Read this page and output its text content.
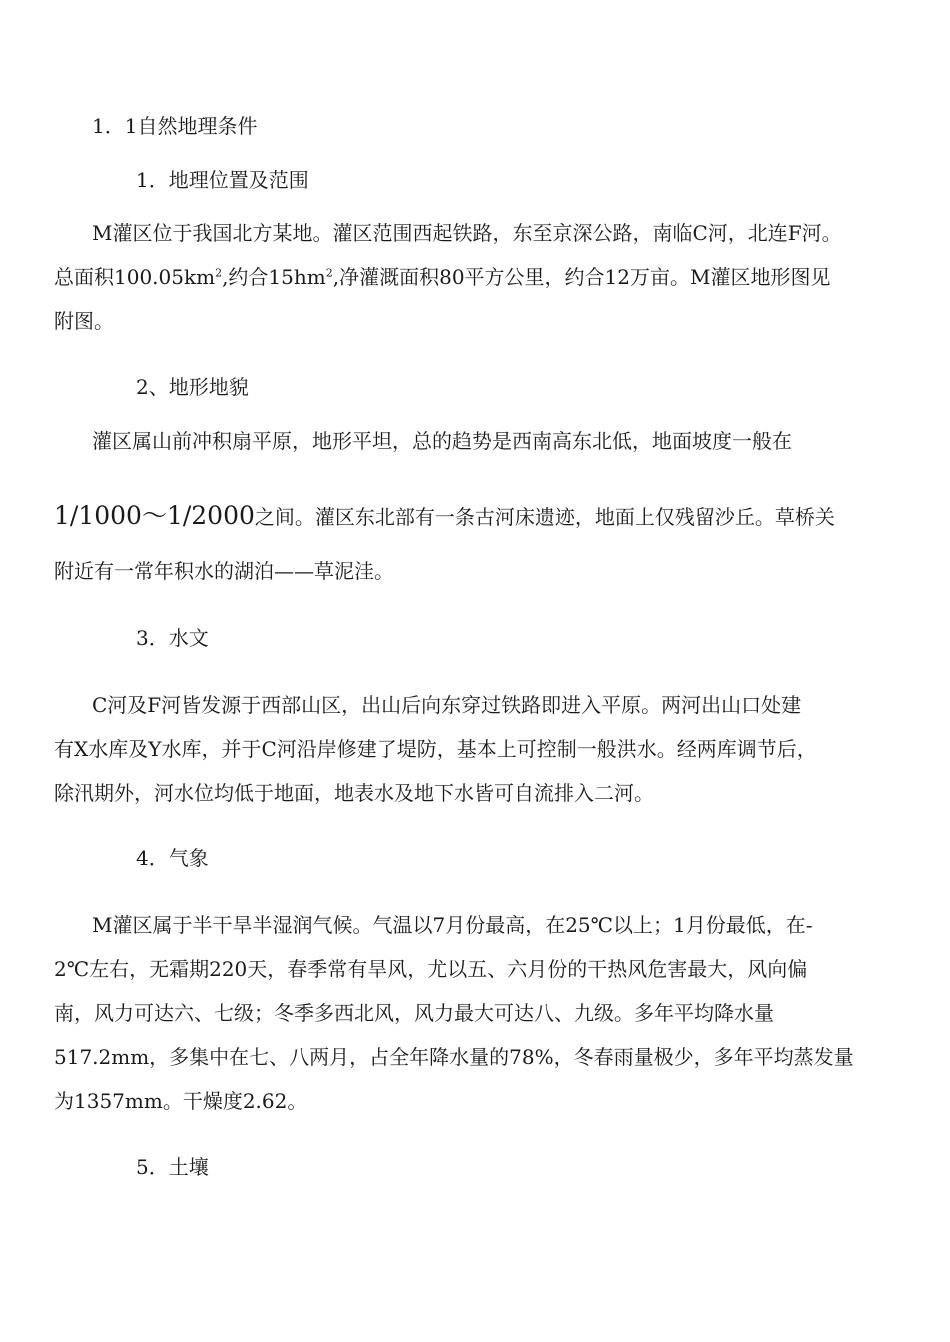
1．1自然地理条件
1．地理位置及范围
M灌区位于我国北方某地。灌区范围西起铁路，东至京深公路，南临C河，北连F河。
总面积$100.05km^2$,约合$15hm^2$,净灌溉面积80平方公里，约合12万亩。M灌区地形图见
附图。
2、地形地貌
灌区属山前冲积扇平原，地形平坦，总的趋势是西南高东北低，地面坡度一般在
1/1000～1/2000之间。灌区东北部有一条古河床遗迹，地面上仅残留沙丘。草桥关
附近有一常年积水的湖泊——草泥洼。
3．水文
C河及F河皆发源于西部山区，出山后向东穿过铁路即进入平原。两河出山口处建
有X水库及Y水库，并于C河沿岸修建了堤防，基本上可控制一般洪水。经两库调节后，
除汛期外，河水位均低于地面，地表水及地下水皆可自流排入二河。
4．气象
M灌区属于半干旱半湿润气候。气温以7月份最高，在25℃以上；1月份最低，在-
2℃左右，无霜期220天，春季常有旱风，尤以五、六月份的干热风危害最大，风向偏
南，风力可达六、七级；冬季多西北风，风力最大可达八、九级。多年平均降水量
517.2mm，多集中在七、八两月，占全年降水量的78%，冬春雨量极少，多年平均蒸发量
为1357mm。干燥度2.62。
5．土壤
